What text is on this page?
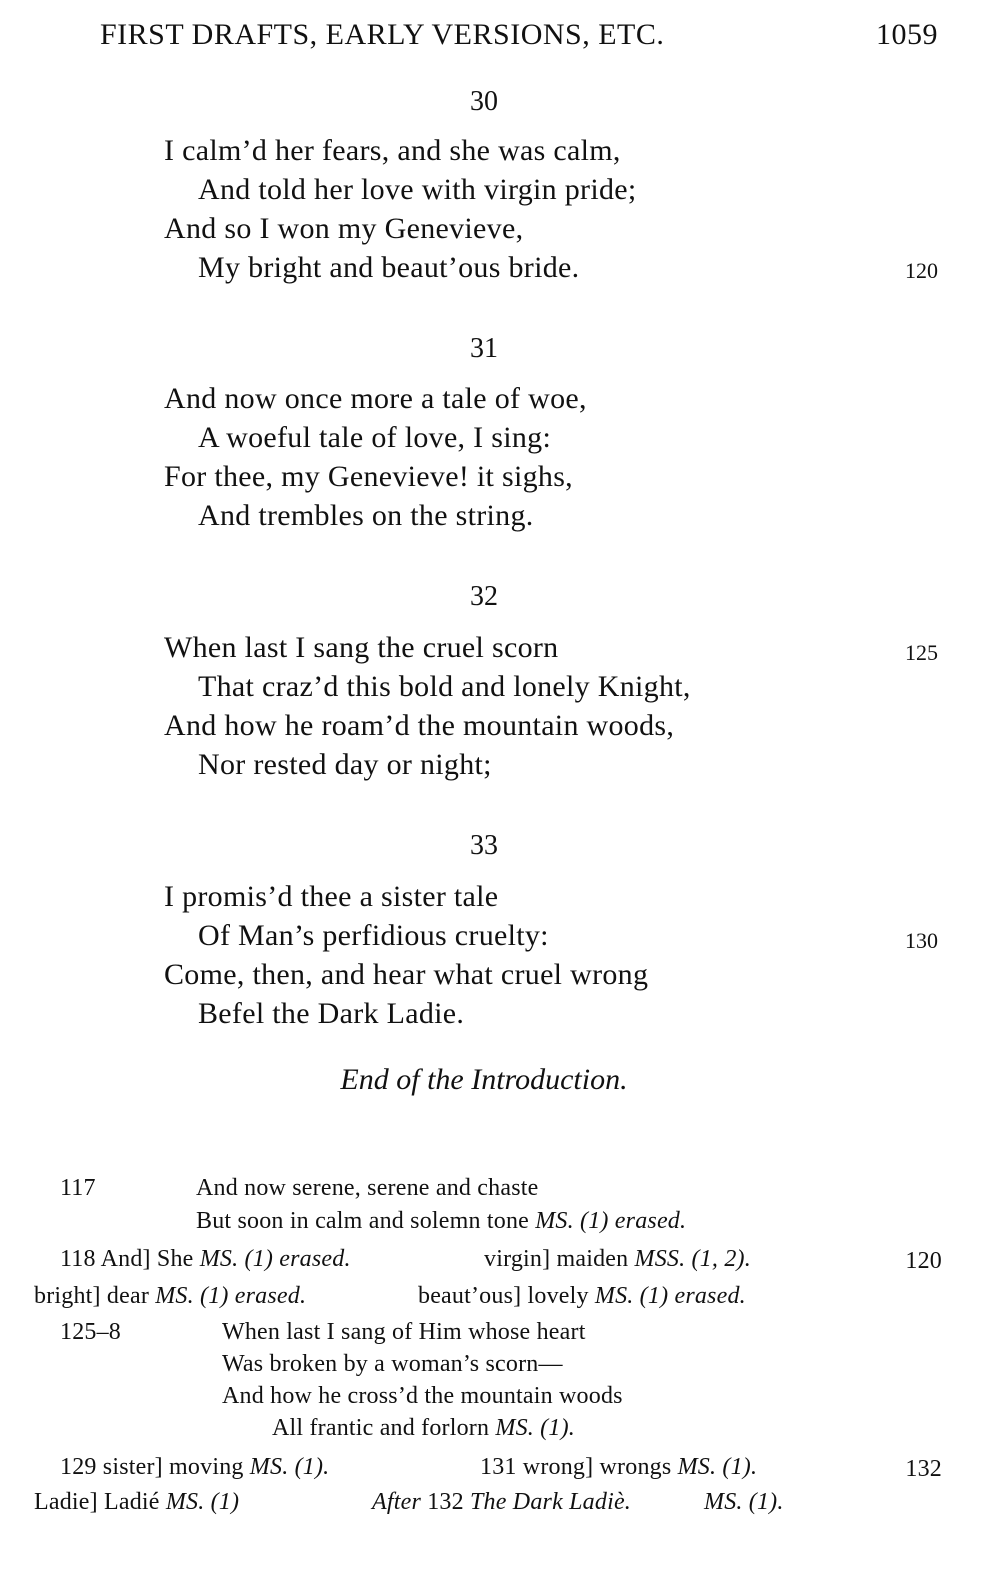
FIRST DRAFTS, EARLY VERSIONS, ETC.	1059
30
I calm’d her fears, and she was calm,
And told her love with virgin pride;
And so I won my Genevieve,
My bright and beaut’ous bride.	120
31
And now once more a tale of woe,
A woeful tale of love, I sing:
For thee, my Genevieve! it sighs,
And trembles on the string.
32
When last I sang the cruel scorn	125
That craz’d this bold and lonely Knight,
And how he roam’d the mountain woods,
Nor rested day or night;
33
I promis’d thee a sister tale
Of Man’s perfidious cruelty:	130
Come, then, and hear what cruel wrong
Befel the Dark Ladie.
End of the Introduction.
117	And now serene, serene and chaste
But soon in calm and solemn tone MS. (1) erased.
118 And] She MS. (1) erased.	virgin] maiden MSS. (1, 2).	120
bright] dear MS. (1) erased.	beaut’ous] lovely MS. (1) erased.
125–8	When last I sang of Him whose heart
Was broken by a woman’s scorn—
And how he cross’d the mountain woods
All frantic and forlorn MS. (1).
129 sister] moving MS. (1).	131 wrong] wrongs MS. (1).	132
Ladie] Ladié MS. (1)	After 132 The Dark Ladiè.	MS. (1).
